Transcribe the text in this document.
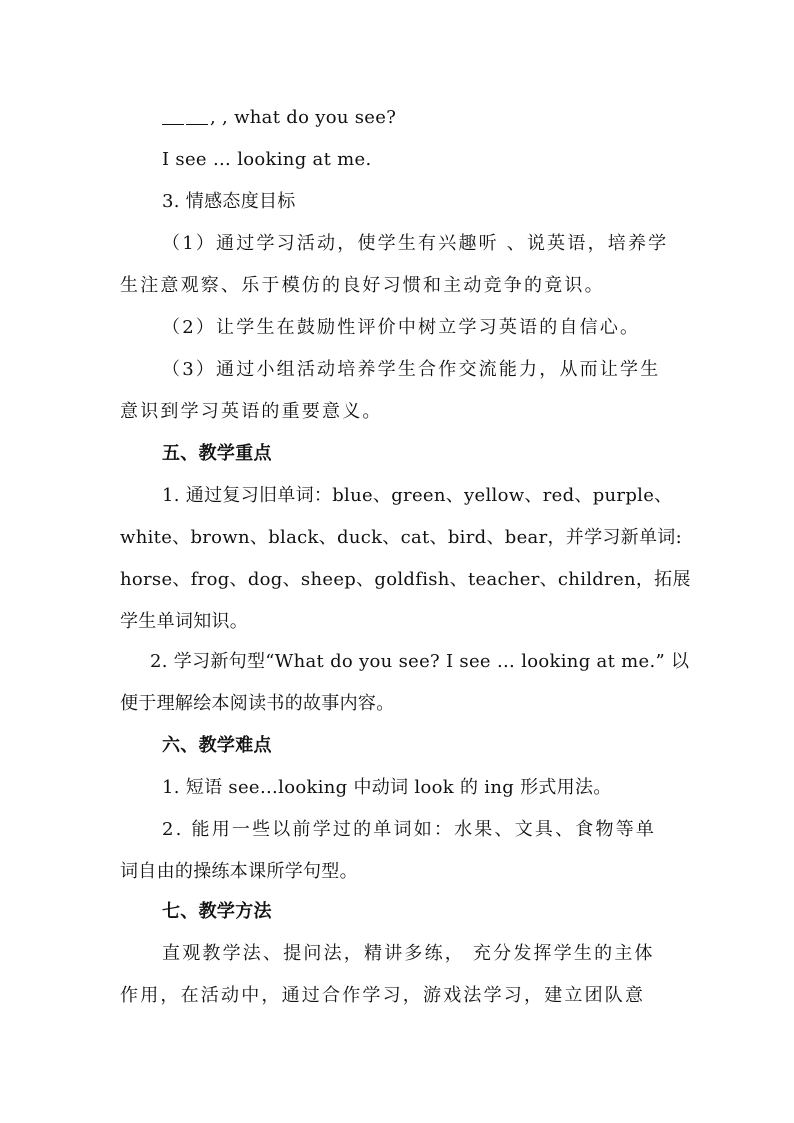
, , what do you see?
I see … looking at me.
3. 情感态度目标
（1）通过学习活动，使学生有兴趣听 、说英语，培养学
生注意观察、乐于模仿的良好习惯和主动竞争的竟识。
（2）让学生在鼓励性评价中树立学习英语的自信心。
（3）通过小组活动培养学生合作交流能力，从而让学生
意识到学习英语的重要意义。
五、教学重点
1. 通过复习旧单词：blue、green、yellow、red、purple、
white、brown、black、duck、cat、bird、bear，并学习新单词:
horse、frog、dog、sheep、goldfish、teacher、children，拓展
学生单词知识。
2. 学习新句型“What do you see? I see … looking at me.” 以
便于理解绘本阅读书的故事内容。
六、教学难点
1. 短语 see…looking 中动词 look 的 ing 形式用法。
2. 能用一些以前学过的单词如：水果、文具、食物等单
词自由的操练本课所学句型。
七、教学方法
直观教学法、提问法，精讲多练， 充分发挥学生的主体
作用，在活动中，通过合作学习，游戏法学习，建立团队意
